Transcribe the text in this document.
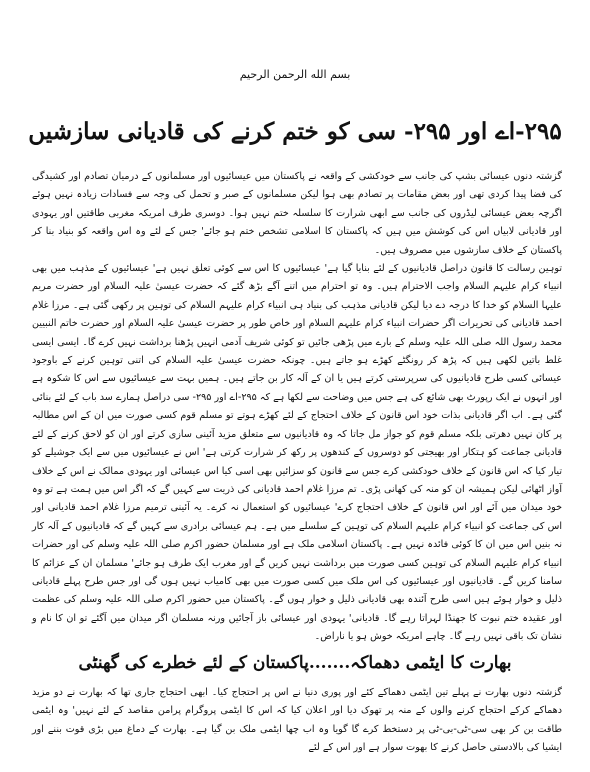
بسم الله الرحمن الرحیم
۲۹۵-اے اور ۲۹۵- سی کو ختم کرنے کی قادیانی سازشیں

گزشتہ دنوں عیسائی بشپ کی جانب سے خودکشی کے واقعہ نے پاکستان میں عیسائیوں اور مسلمانوں کے درمیان تصادم اور کشیدگی کی فضا پیدا کردی تھی اور بعض مقامات پر تصادم بھی ہوا لیکن مسلمانوں کے صبر و تحمل کی وجہ سے فسادات زیادہ نہیں ہوئے اگرچہ بعض عیسائی لیڈروں کی جانب سے ابھی شرارت کا سلسلہ ختم نہیں ہوا۔ دوسری طرف امریکہ مغربی طاقتیں اور یہودی اور قادیانی لابیاں اس کی کوشش میں ہیں کہ پاکستان کا اسلامی تشخص ختم ہو جائے' جس کے لئے وہ اس واقعہ کو بنیاد بنا کر پاکستان کے خلاف سازشوں میں مصروف ہیں۔

توہین رسالت کا قانون دراصل قادیانیوں کے لئے بنایا گیا ہے' عیسائیوں کا اس سے کوئی تعلق نہیں ہے' عیسائیوں کے مذہب میں بھی انبیاء کرام علیہم السلام واجب الاحترام ہیں۔ وہ تو احترام میں اتنے آگے بڑھ گئے کہ حضرت عیسیٰ علیہ السلام اور حضرت مریم علیہا السلام کو خدا کا درجہ دے دیا لیکن قادیانی مذہب کی بنیاد ہی انبیاء کرام علیہم السلام کی توہین پر رکھی گئی ہے۔ مرزا غلام احمد قادیانی کی تحریرات اگر حضرات انبیاء کرام علیہم السلام اور خاص طور پر حضرت عیسیٰ علیہ السلام اور حضرت خاتم النبیین محمد رسول اللہ صلی اللہ علیہ وسلم کے بارے میں پڑھی جائیں تو کوئی شریف آدمی انہیں پڑھنا برداشت نہیں کرے گا۔ ایسی ایسی غلط باتیں لکھی ہیں کہ پڑھ کر رونگٹے کھڑے ہو جاتے ہیں۔ چونکہ حضرت عیسیٰ علیہ السلام کی اتنی توہین کرنے کے باوجود عیسائی کسی طرح قادیانیوں کی سرپرستی کرتے ہیں یا ان کے آلہ کار بن جاتے ہیں۔ ہمیں بہت سے عیسائیوں سے اس کا شکوہ ہے اور انہوں نے ایک رپورٹ بھی شائع کی ہے جس میں وضاحت سے لکھا ہے کہ ۲۹۵-اے اور ۲۹۵- سی دراصل ہمارے سد باب کے لئے بنائی گئی ہے۔ اب اگر قادیانی بذات خود اس قانون کے خلاف احتجاج کے لئے کھڑے ہوتے تو مسلم قوم کسی صورت میں ان کے اس مطالبہ پر کان نہیں دھرتی بلکہ مسلم قوم کو جواز مل جاتا کہ وہ قادیانیوں سے متعلق مزید آئینی سازی کرتے اور ان کو لاحق کرنے کے لئے قادیانی جماعت کو ہتکار اور بھیجتی کو دوسروں کے کندھوں پر رکھ کر شرارت کرتی ہے' اس نے عیسائیوں میں سے ایک جوشیلے کو تیار کیا کہ اس قانون کے خلاف خودکشی کرے جس سے قانون کو سزائیں بھی اسی کیا اس عیسائی اور یہودی ممالک نے اس کے خلاف آواز اٹھائی لیکن ہمیشہ ان کو منہ کی کھانی پڑی۔ تم مرزا غلام احمد قادیانی کی ذریت سے کہیں گے کہ اگر اس میں ہمت ہے تو وہ خود میدان میں آئے اور اس قانون کے خلاف احتجاج کرے' عیسائیوں کو استعمال نہ کرے۔ یہ آئینی ترمیم مرزا غلام احمد قادیانی اور اس کی جماعت کو انبیاء کرام علیہم السلام کی توہین کے سلسلے میں ہے۔ ہم عیسائی برادری سے کہیں گے کہ قادیانیوں کے آلہ کار نہ بنیں اس میں ان کا کوئی فائدہ نہیں ہے۔ پاکستان اسلامی ملک ہے اور مسلمان حضور اکرم صلی اللہ علیہ وسلم کی اور حضرات انبیاء کرام علیہم السلام کی توہین کسی صورت میں برداشت نہیں کریں گے اور مغرب ایک طرف ہو جائے' مسلمان ان کے عزائم کا سامنا کریں گے۔ قادیانیوں اور عیسائیوں کی اس ملک میں کسی صورت میں بھی کامیاب نہیں ہوں گی اور جس طرح پہلے قادیانی ذلیل و خوار ہوئے ہیں اسی طرح آئندہ بھی قادیانی ذلیل و خوار ہوں گے۔ پاکستان میں حضور اکرم صلی اللہ علیہ وسلم کی عظمت اور عقیدہ ختم نبوت کا جھنڈا لہراتا رہے گا۔ قادیانی' یہودی اور عیسائی باز آجائیں ورنہ مسلمان اگر میدان میں آگئے تو ان کا نام و نشان تک باقی نہیں رہے گا۔ چاہے امریکہ خوش ہو یا ناراض۔

بھارت کا ایٹمی دھماکہ.......پاکستان کے لئے خطرے کی گھنٹی

گزشتہ دنوں بھارت نے پہلے تین ایٹمی دھماکے کئے اور پوری دنیا نے اس پر احتجاج کیا۔ ابھی احتجاج جاری تھا کہ بھارت نے دو مزید دھماکے کرکے احتجاج کرنے والوں کے منہ پر تھوک دیا اور اعلان کیا کہ اس کا ایٹمی پروگرام پرامن مقاصد کے لئے نہیں' وہ ایٹمی طاقت بن کر بھی سی-ٹی-بی-ٹی پر دستخط کرے گا گویا وہ اب چھا ایٹمی ملک بن گیا ہے۔ بھارت کے دماغ میں بڑی قوت بننے اور ایشیا کی بالادستی حاصل کرنے کا بھوت سوار ہے اور اس کے لئے
